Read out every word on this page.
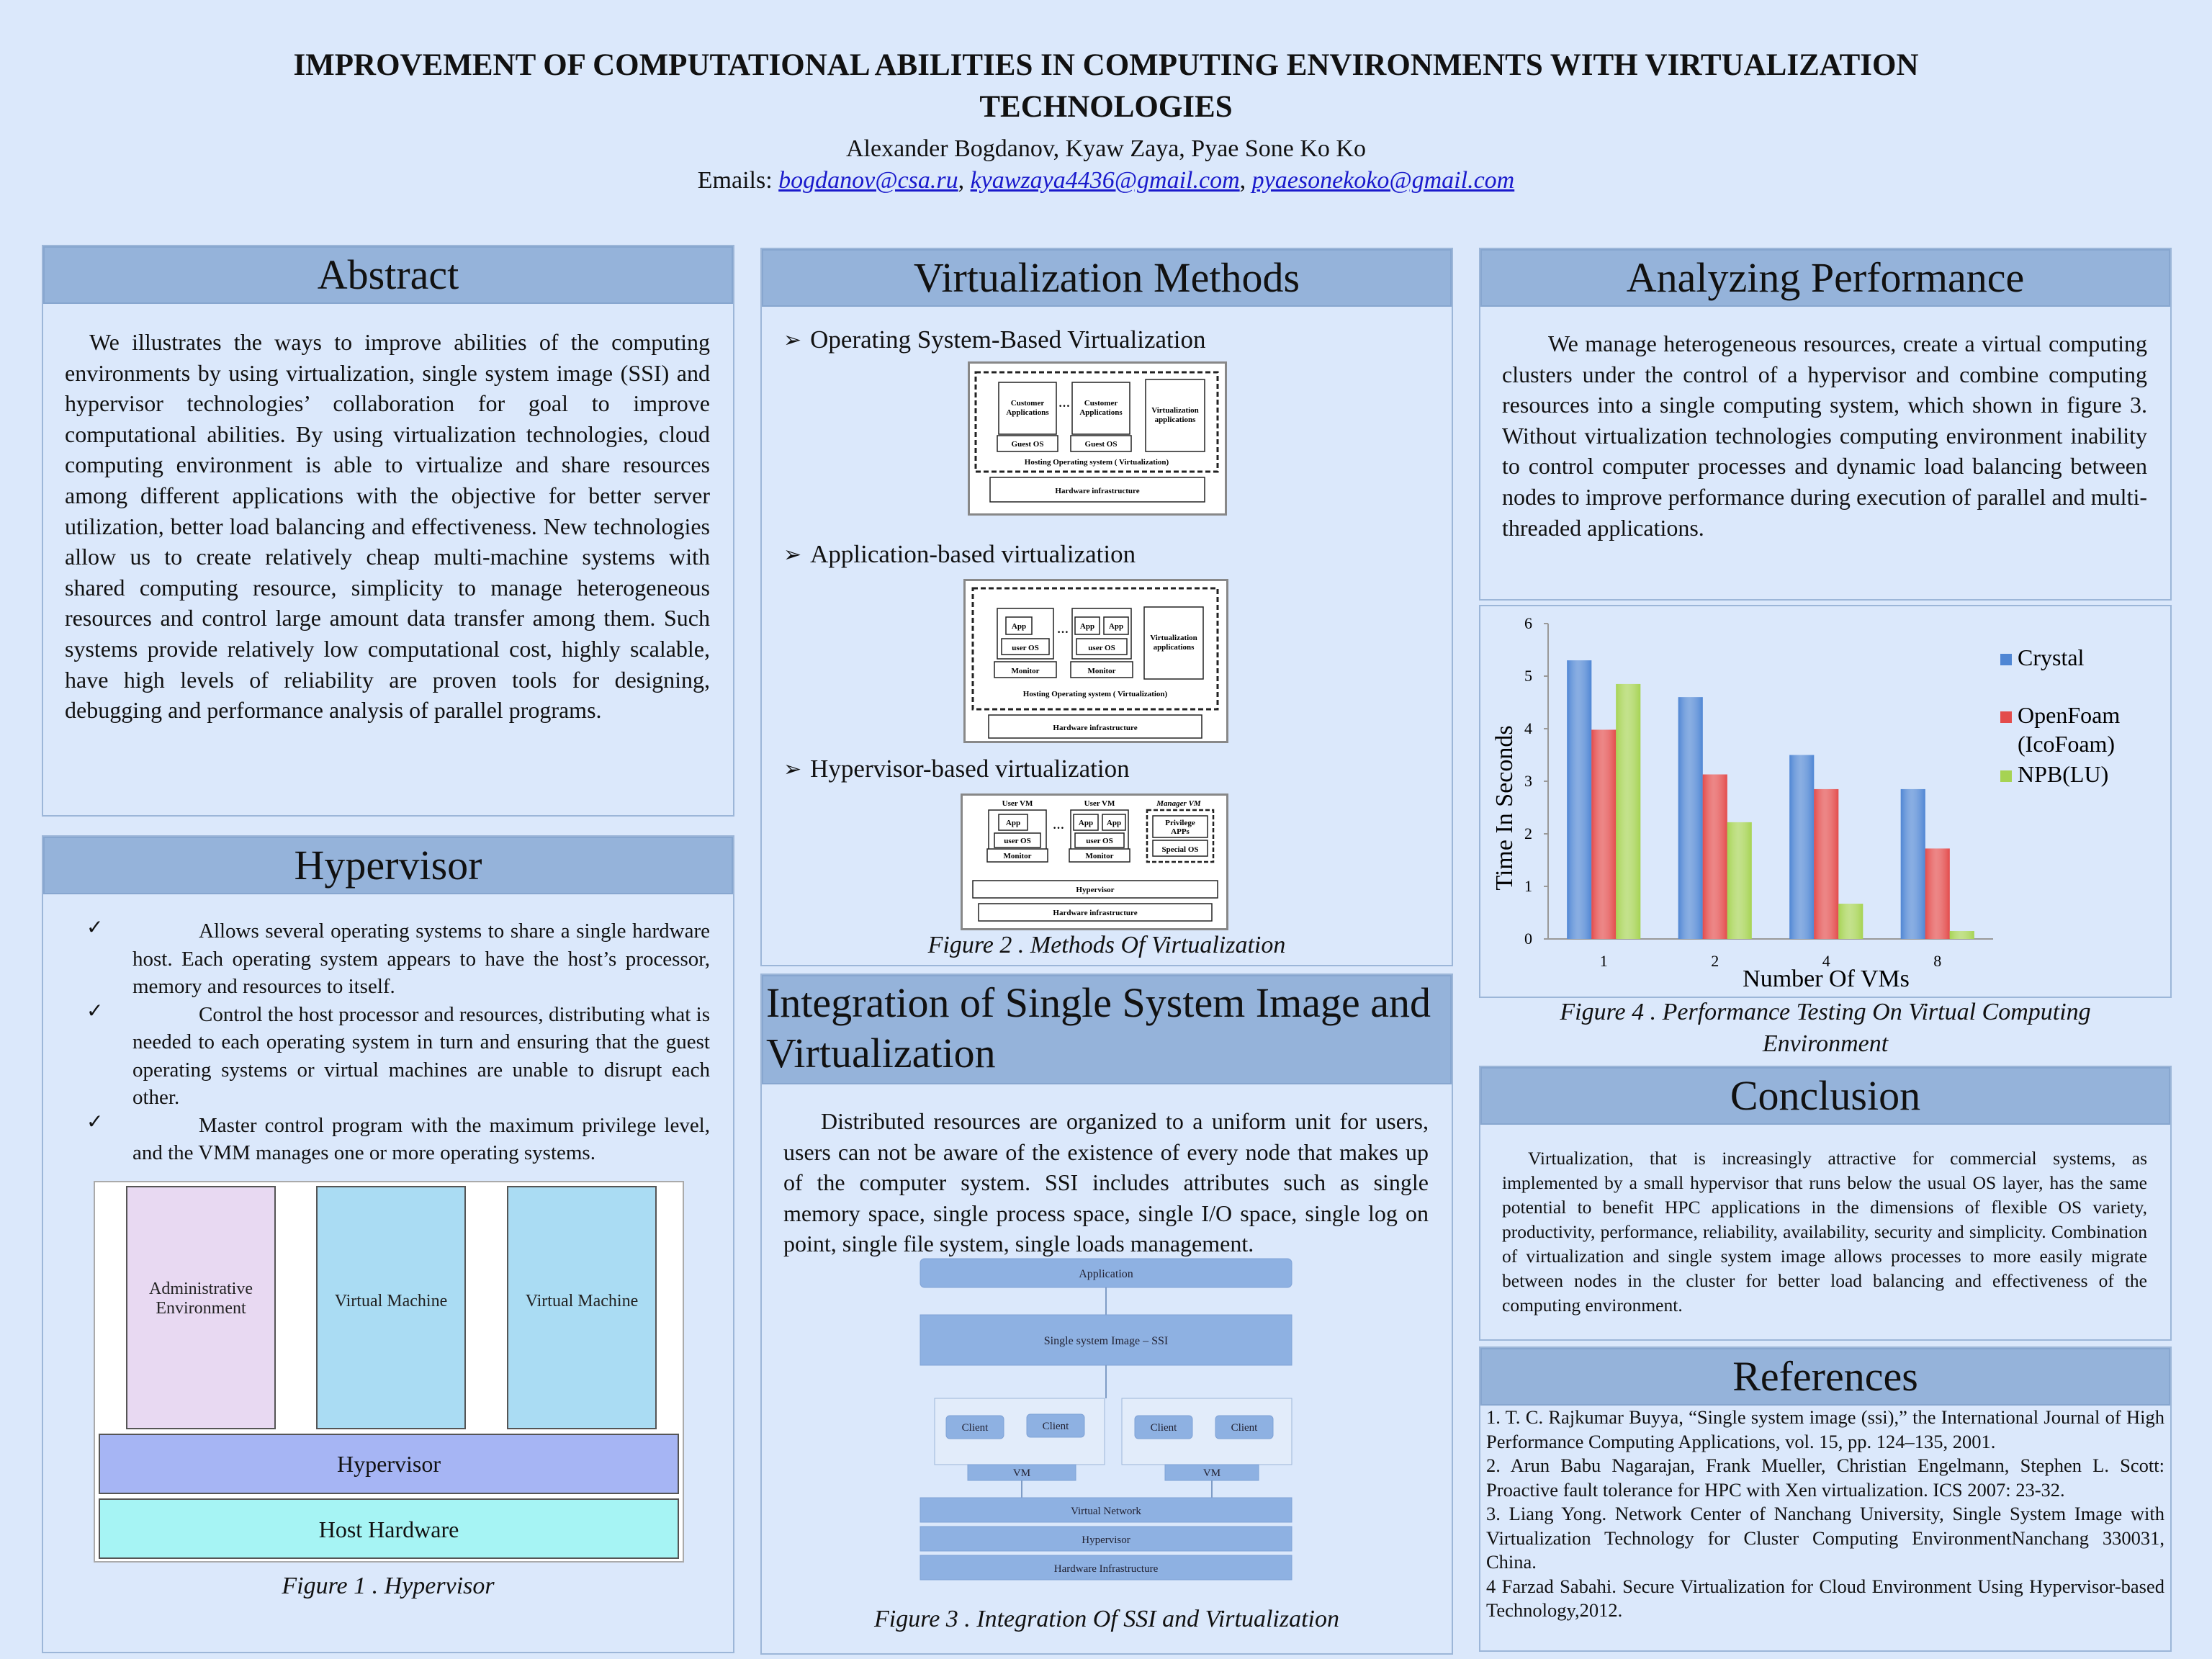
IMPROVEMENT OF COMPUTATIONAL ABILITIES IN COMPUTING ENVIRONMENTS WITH VIRTUALIZATION
TECHNOLOGIES
Alexander Bogdanov, Kyaw Zaya, Pyae Sone Ko Ko
Emails: bogdanov@csa.ru, kyawzaya4436@gmail.com, pyaesonekoko@gmail.com
Abstract
We illustrates the ways to improve abilities of the computing environments by using virtualization, single system image (SSI) and hypervisor technologies’ collaboration for goal to improve computational abilities. By using virtualization technologies, cloud computing environment is able to virtualize and share resources among different applications with the objective for better server utilization, better load balancing and effectiveness. New technologies allow us to create relatively cheap multi-machine systems with shared computing resource, simplicity to manage heterogeneous resources and control large amount data transfer among them. Such systems provide relatively low computational cost, highly scalable, have high levels of reliability are proven tools for designing, debugging and performance analysis of parallel programs.
Hypervisor
✓	Allows several operating systems to share a single hardware host. Each operating system appears to have the host’s processor, memory and resources to itself.
✓	Control the host processor and resources, distributing what is needed to each operating system in turn and ensuring that the guest operating systems or virtual machines are unable to disrupt each other.
✓	Master control program with the maximum privilege level, and the VMM manages one or more operating systems.
Administrative
Environment	Virtual Machine	Virtual Machine
Hypervisor
Host Hardware
Figure 1 . Hypervisor
Virtualization Methods
➢ Operating System-Based Virtualization
Customer
Applications
Customer
Applications
…
Virtualization
applications
Guest OS	Guest OS
Hosting Operating system ( Virtualization)
Hardware infrastructure
➢ Application-based virtualization
App
user OS
Monitor
… App App
user OS
Monitor
Virtualization
applications
Hosting Operating system ( Virtualization)
Hardware infrastructure
➢ Hypervisor-based virtualization
User VM	User VM	Manager VM
App
user OS
Monitor
… App App
user OS
Monitor
Privilege
APPs
Special OS
Hypervisor
Hardware infrastructure
Figure 2 . Methods Of Virtualization
Integration of Single System Image and
Virtualization
Distributed resources are organized to a uniform unit for users, users can not be aware of the existence of every node that makes up of the computer system. SSI includes attributes such as single memory space, single process space, single I/O space, single log on point, single file system, single loads management.
Application
Single system Image – SSI
Client	Client	Client	Client
VM	VM
Virtual Network
Hypervisor
Hardware Infrastructure
Figure 3 . Integration Of SSI and Virtualization
Analyzing Performance
We manage heterogeneous resources, create a virtual computing clusters under the control of a hypervisor and combine computing resources into a single computing system, which shown in figure 3. Without virtualization technologies computing environment inability to control computer processes and dynamic load balancing between nodes to improve performance during execution of parallel and multi-threaded applications.
0
1
2
3
4
5
6
1	2	4	8
Crystal
OpenFoam
(IcoFoam)
NPB(LU)
Time In Seconds
Number Of VMs
Figure 4 . Performance Testing On Virtual Computing
Environment
Conclusion
Virtualization, that is increasingly attractive for commercial systems, as implemented by a small hypervisor that runs below the usual OS layer, has the same potential to benefit HPC applications in the dimensions of flexible OS variety, productivity, performance, reliability, availability, security and simplicity. Combination of virtualization and single system image allows processes to more easily migrate between nodes in the cluster for better load balancing and effectiveness of the computing environment.
References
1. T. C. Rajkumar Buyya, “Single system image (ssi),” the International Journal of High Performance Computing Applications, vol. 15, pp. 124–135, 2001.
2. Arun Babu Nagarajan, Frank Mueller, Christian Engelmann, Stephen L. Scott: Proactive fault tolerance for HPC with Xen virtualization. ICS 2007: 23-32.
3. Liang Yong. Network Center of Nanchang University, Single System Image with Virtualization Technology for Cluster Computing EnvironmentNanchang 330031, China.
4 Farzad Sabahi. Secure Virtualization for Cloud Environment Using Hypervisor-based Technology,2012.
